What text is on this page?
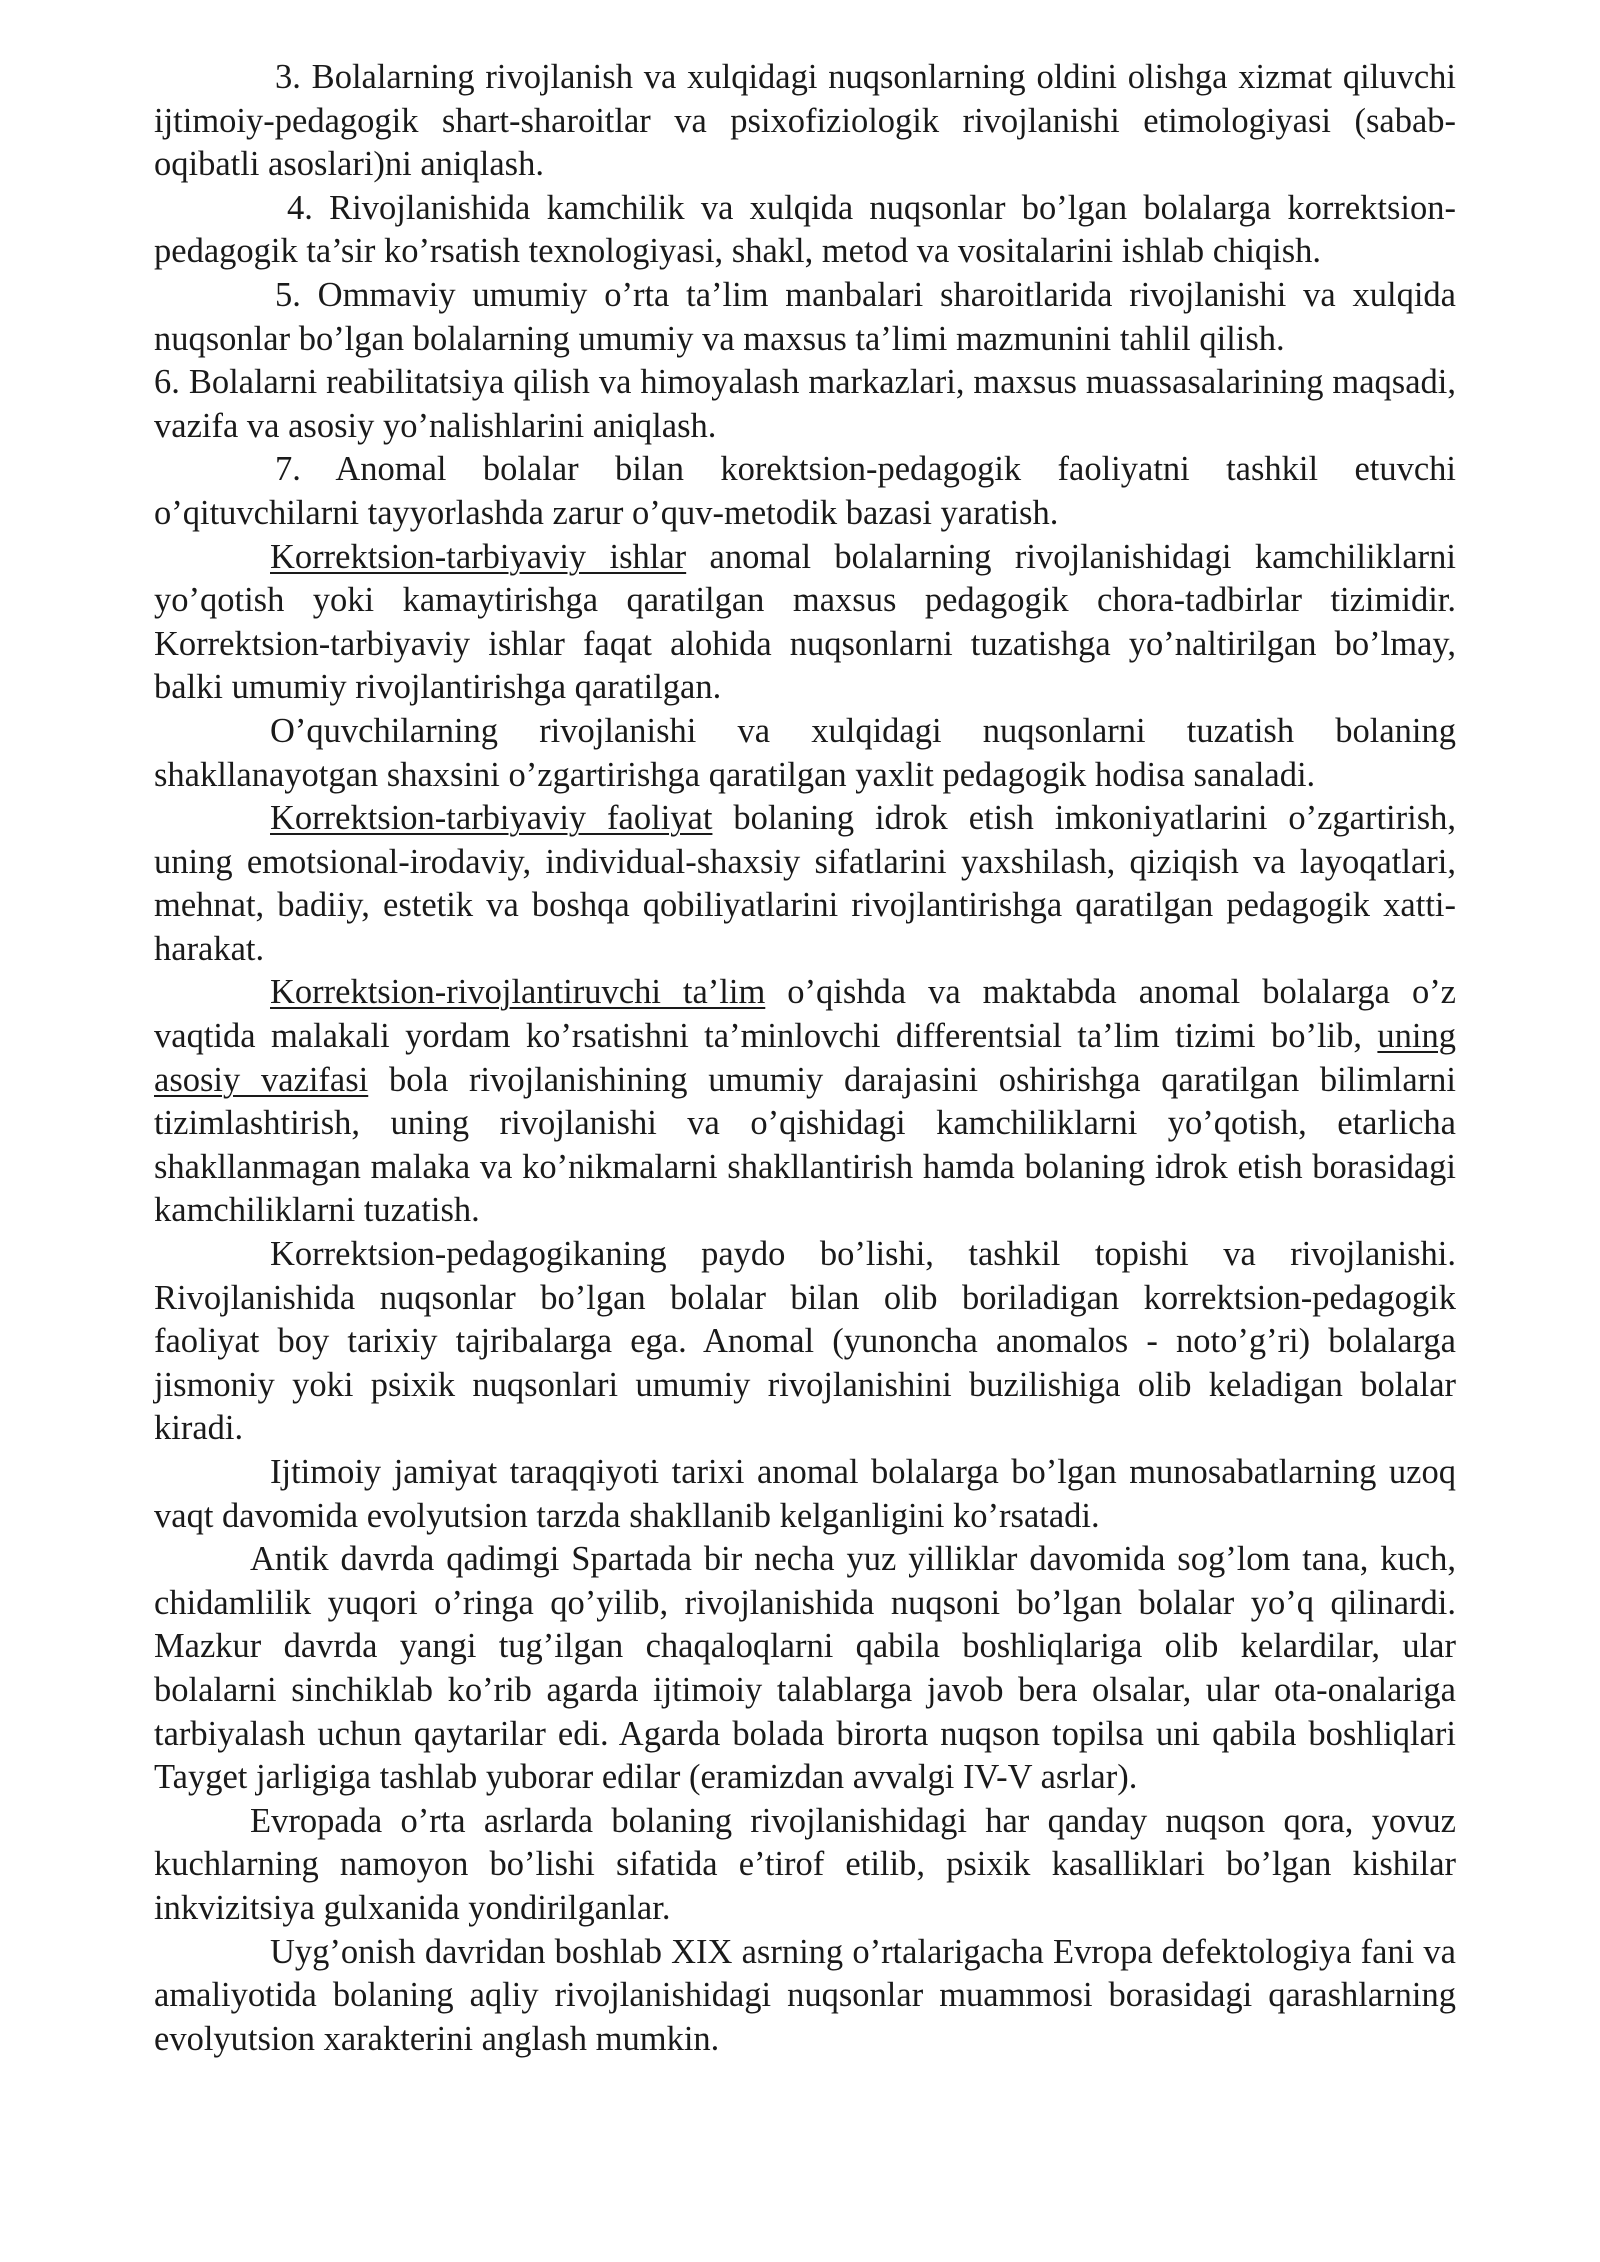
3. Bolalarning rivojlanish va xulqidagi nuqsonlarning oldini olishga xizmat qiluvchi ijtimoiy-pedagogik shart-sharoitlar va psixofiziologik rivojlanishi etimologiyasi (sabab-oqibatli asoslari)ni aniqlash.

4. Rivojlanishida kamchilik va xulqida nuqsonlar bo’lgan bolalarga korrektsion-pedagogik ta’sir ko’rsatish texnologiyasi, shakl, metod va vositalarini ishlab chiqish.

5. Ommaviy umumiy o’rta ta’lim manbalari sharoitlarida rivojlanishi va xulqida nuqsonlar bo’lgan bolalarning umumiy va maxsus ta’limi mazmunini tahlil qilish.

6. Bolalarni reabilitatsiya qilish va himoyalash markazlari, maxsus muassasalarining maqsadi, vazifa va asosiy yo’nalishlarini aniqlash.

7. Anomal bolalar bilan korektsion-pedagogik faoliyatni tashkil etuvchi o’qituvchilarni tayyorlashda zarur o’quv-metodik bazasi yaratish.

Korrektsion-tarbiyaviy ishlar anomal bolalarning rivojlanishidagi kamchiliklarni yo’qotish yoki kamaytirishga qaratilgan maxsus pedagogik chora-tadbirlar tizimidir. Korrektsion-tarbiyaviy ishlar faqat alohida nuqsonlarni tuzatishga yo’naltirilgan bo’lmay, balki umumiy rivojlantirishga qaratilgan.

O’quvchilarning rivojlanishi va xulqidagi nuqsonlarni tuzatish bolaning shakllanayotgan shaxsini o’zgartirishga qaratilgan yaxlit pedagogik hodisa sanaladi.

Korrektsion-tarbiyaviy faoliyat bolaning idrok etish imkoniyatlarini o’zgartirish, uning emotsional-irodaviy, individual-shaxsiy sifatlarini yaxshilash, qiziqish va layoqatlari, mehnat, badiiy, estetik va boshqa qobiliyatlarini rivojlantirishga qaratilgan pedagogik xatti-harakat.

Korrektsion-rivojlantiruvchi ta’lim o’qishda va maktabda anomal bolalarga o’z vaqtida malakali yordam ko’rsatishni ta’minlovchi differentsial ta’lim tizimi bo’lib, uning asosiy vazifasi bola rivojlanishining umumiy darajasini oshirishga qaratilgan bilimlarni tizimlashtirish, uning rivojlanishi va o’qishidagi kamchiliklarni yo’qotish, etarlicha shakllanmagan malaka va ko’nikmalarni shakllantirish hamda bolaning idrok etish borasidagi kamchiliklarni tuzatish.

Korrektsion-pedagogikaning paydo bo’lishi, tashkil topishi va rivojlanishi. Rivojlanishida nuqsonlar bo’lgan bolalar bilan olib boriladigan korrektsion-pedagogik faoliyat boy tarixiy tajribalarga ega. Anomal (yunoncha anomalos - noto’g’ri) bolalarga jismoniy yoki psixik nuqsonlari umumiy rivojlanishini buzilishiga olib keladigan bolalar kiradi.

Ijtimoiy jamiyat taraqqiyoti tarixi anomal bolalarga bo’lgan munosabatlarning uzoq vaqt davomida evolyutsion tarzda shakllanib kelganligini ko’rsatadi.

Antik davrda qadimgi Spartada bir necha yuz yilliklar davomida sog’lom tana, kuch, chidamlilik yuqori o’ringa qo’yilib, rivojlanishida nuqsoni bo’lgan bolalar yo’q qilinardi. Mazkur davrda yangi tug’ilgan chaqaloqlarni qabila boshliqlariga olib kelardilar, ular bolalarni sinchiklab ko’rib agarda ijtimoiy talablarga javob bera olsalar, ular ota-onalariga tarbiyalash uchun qaytarilar edi. Agarda bolada birorta nuqson topilsa uni qabila boshliqlari Tayget jarligiga tashlab yuborar edilar (eramizdan avvalgi IV-V asrlar).

Evropada o’rta asrlarda bolaning rivojlanishidagi har qanday nuqson qora, yovuz kuchlarning namoyon bo’lishi sifatida e’tirof etilib, psixik kasalliklari bo’lgan kishilar inkvizitsiya gulxanida yondirilganlar.

Uyg’onish davridan boshlab XIX asrning o’rtalarigacha Evropa defektologiya fani va amaliyotida bolaning aqliy rivojlanishidagi nuqsonlar muammosi borasidagi qarashlarning evolyutsion xarakterini anglash mumkin.
